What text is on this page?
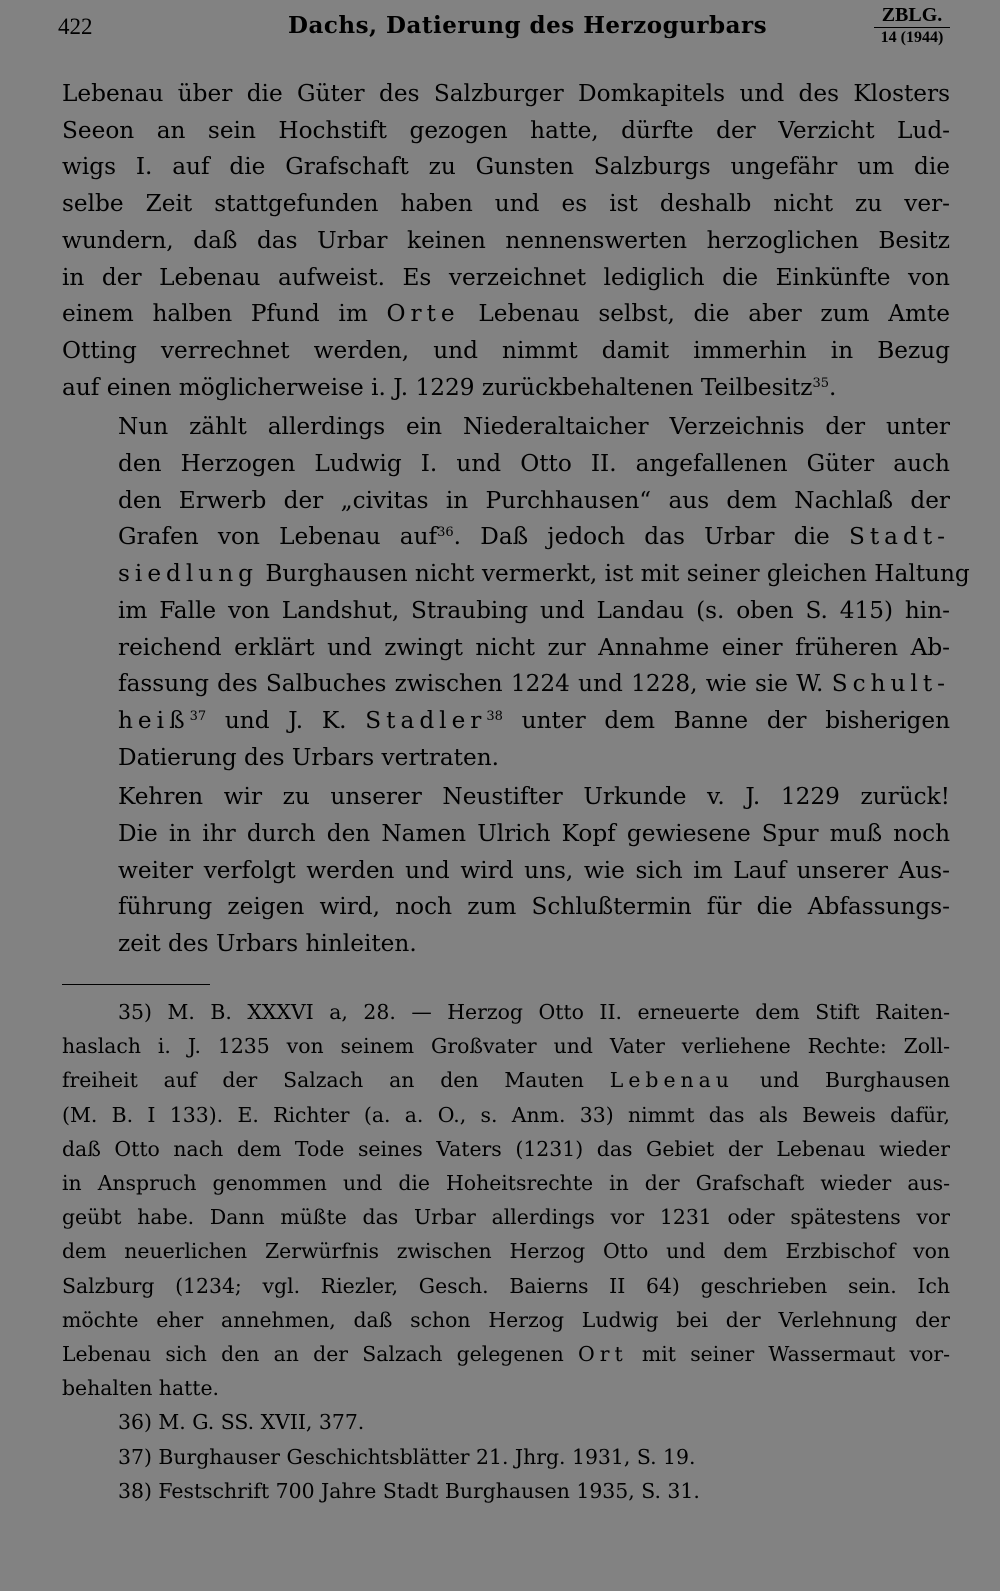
422	Dachs, Datierung des Herzogurbars	ZBLG.
14 (1944)

Lebenau über die Güter des Salzburger Domkapitels und des Klosters
Seeon an sein Hochstift gezogen hatte, dürfte der Verzicht Lud-
wigs I. auf die Grafschaft zu Gunsten Salzburgs ungefähr um die
selbe Zeit stattgefunden haben und es ist deshalb nicht zu ver-
wundern, daß das Urbar keinen nennenswerten herzoglichen Besitz
in der Lebenau aufweist. Es verzeichnet lediglich die Einkünfte von
einem halben Pfund im Orte Lebenau selbst, die aber zum Amte
Otting verrechnet werden, und nimmt damit immerhin in Bezug
auf einen möglicherweise i. J. 1229 zurückbehaltenen Teilbesitz$^{35}$.

Nun zählt allerdings ein Niederaltaicher Verzeichnis der unter
den Herzogen Ludwig I. und Otto II. angefallenen Güter auch
den Erwerb der „civitas in Purchhausen“ aus dem Nachlaß der
Grafen von Lebenau auf$^{36}$. Daß jedoch das Urbar die Stadt-
siedlung Burghausen nicht vermerkt, ist mit seiner gleichen Haltung
im Falle von Landshut, Straubing und Landau (s. oben S. 415) hin-
reichend erklärt und zwingt nicht zur Annahme einer früheren Ab-
fassung des Salbuches zwischen 1224 und 1228, wie sie W. Schult-
heiß$^{37}$ und J. K. Stadler$^{38}$ unter dem Banne der bisherigen
Datierung des Urbars vertraten.

Kehren wir zu unserer Neustifter Urkunde v. J. 1229 zurück!
Die in ihr durch den Namen Ulrich Kopf gewiesene Spur muß noch
weiter verfolgt werden und wird uns, wie sich im Lauf unserer Aus-
führung zeigen wird, noch zum Schlußtermin für die Abfassungs-
zeit des Urbars hinleiten.

35) M. B. XXXVI a, 28. — Herzog Otto II. erneuerte dem Stift Raiten-
haslach i. J. 1235 von seinem Großvater und Vater verliehene Rechte: Zoll-
freiheit auf der Salzach an den Mauten Lebenau und Burghausen
(M. B. I 133). E. Richter (a. a. O., s. Anm. 33) nimmt das als Beweis dafür,
daß Otto nach dem Tode seines Vaters (1231) das Gebiet der Lebenau wieder
in Anspruch genommen und die Hoheitsrechte in der Grafschaft wieder aus-
geübt habe. Dann müßte das Urbar allerdings vor 1231 oder spätestens vor
dem neuerlichen Zerwürfnis zwischen Herzog Otto und dem Erzbischof von
Salzburg (1234; vgl. Riezler, Gesch. Baierns II 64) geschrieben sein. Ich
möchte eher annehmen, daß schon Herzog Ludwig bei der Verlehnung der
Lebenau sich den an der Salzach gelegenen Ort mit seiner Wassermaut vor-
behalten hatte.
36) M. G. SS. XVII, 377.
37) Burghauser Geschichtsblätter 21. Jhrg. 1931, S. 19.
38) Festschrift 700 Jahre Stadt Burghausen 1935, S. 31.
